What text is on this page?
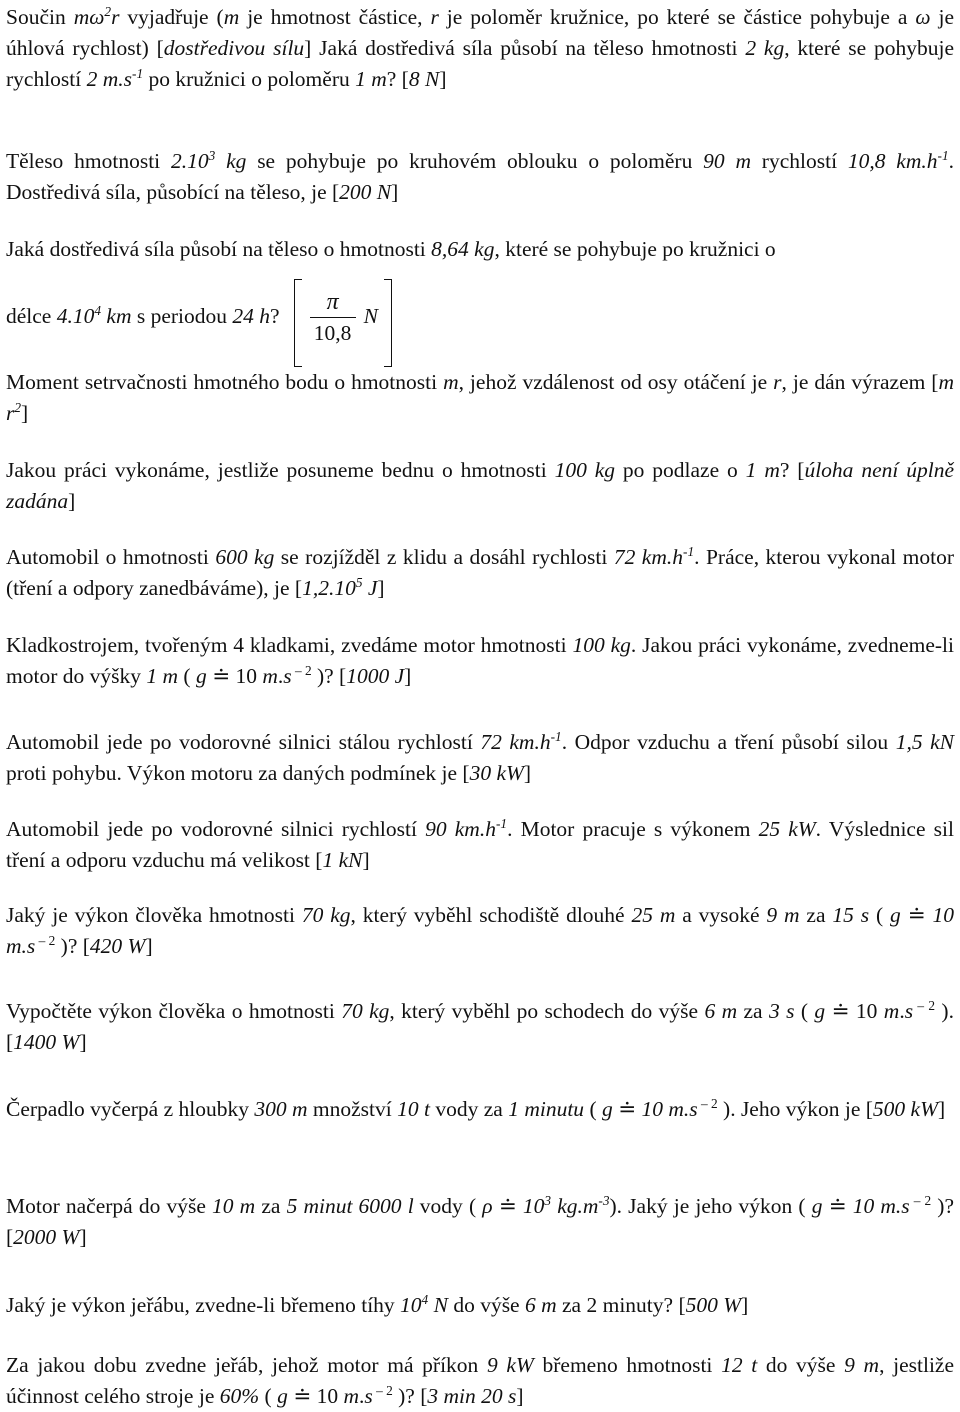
Součin $m\omega^2r$ vyjadřuje (m je hmotnost částice, r je poloměr kružnice, po které se částice pohybuje a ω je úhlová rychlost) [dostředivou sílu] Jaká dostředivá síla působí na těleso hmotnosti 2 kg, které se pohybuje rychlostí 2 $m.s^{-1}$ po kružnici o poloměru 1 m? [8 N]
Těleso hmotnosti 2.10$^3$ kg se pohybuje po kruhovém oblouku o poloměru 90 m rychlostí 10,8 $km.h^{-1}$. Dostředivá síla, působící na těleso, je [200 N]
Jaká dostředivá síla působí na těleso o hmotnosti 8,64 kg, které se pohybuje po kružnici o
délce 4.10$^4$ km s periodou 24 h? $\frac{\pi}{10,8}$ N
Moment setrvačnosti hmotného bodu o hmotnosti m, jehož vzdálenost od osy otáčení je r, je dán výrazem [m $r^2$]
Jakou práci vykonáme, jestliže posuneme bednu o hmotnosti 100 kg po podlaze o 1 m? [úloha není úplně zadána]
Automobil o hmotnosti 600 kg se rozjížděl z klidu a dosáhl rychlosti 72 $km.h^{-1}$. Práce, kterou vykonal motor (tření a odpory zanedbáváme), je [1,2.10$^5$ J]
Kladkostrojem, tvořeným 4 kladkami, zvedáme motor hmotnosti 100 kg. Jakou práci vykonáme, zvedneme-li motor do výšky 1 m ( g ≐ 10 m.s $^{- 2}$ )? [1000 J]
Automobil jede po vodorovné silnici stálou rychlostí 72 $km.h^{-1}$. Odpor vzduchu a tření působí silou 1,5 kN proti pohybu. Výkon motoru za daných podmínek je [30 kW]
Automobil jede po vodorovné silnici rychlostí 90 $km.h^{-1}$. Motor pracuje s výkonem 25 kW. Výslednice sil tření a odporu vzduchu má velikost [1 kN]
Jaký je výkon člověka hmotnosti 70 kg, který vyběhl schodiště dlouhé 25 m a vysoké 9 m za 15 s ( g ≐ 10 m.s $^{- 2}$ )? [420 W]
Vypočtěte výkon člověka o hmotnosti 70 kg, který vyběhl po schodech do výše 6 m za 3 s ( g ≐ 10 m.s $^{- 2}$ ). [1400 W]
Čerpadlo vyčerpá z hloubky 300 m množství 10 t vody za 1 minutu ( g ≐ 10 m.s $^{- 2}$ ). Jeho výkon je [500 kW]
Motor načerpá do výše 10 m za 5 minut 6000 l vody ( ρ ≐ $10^3$ $kg.m^{-3}$). Jaký je jeho výkon ( g ≐ 10 m.s $^{- 2}$ )? [2000 W]
Jaký je výkon jeřábu, zvedne-li břemeno tíhy $10^4$ N do výše 6 m za 2 minuty? [500 W]
Za jakou dobu zvedne jeřáb, jehož motor má příkon 9 kW břemeno hmotnosti 12 t do výše 9 m, jestliže účinnost celého stroje je 60% ( g ≐ 10 m.s $^{- 2}$ )? [3 min 20 s]
